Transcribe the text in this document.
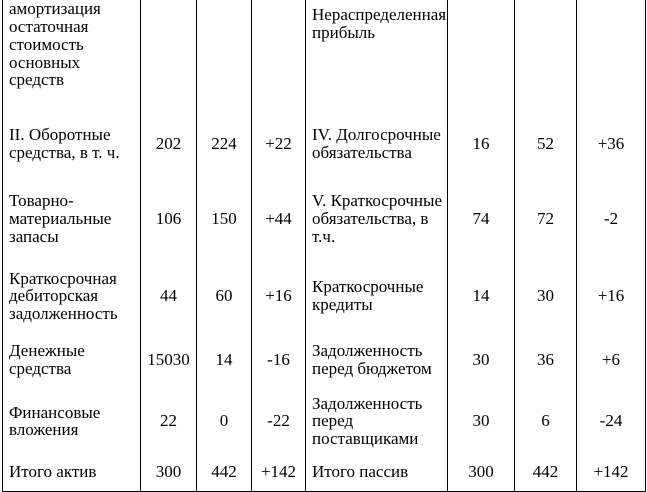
амортизация остаточная стоимость основных средств				Нераспределенная прибыль			
II. Оборотные средства, в т. ч.	202	224	+22	IV. Долгосрочные обязательства	16	52	+36
Товарно-материальные запасы	106	150	+44	V. Краткосрочные обязательства, в т.ч.	74	72	-2
Краткосрочная дебиторская задолженность	44	60	+16	Краткосрочные кредиты	14	30	+16
Денежные средства	15030	14	-16	Задолженность перед бюджетом	30	36	+6
Финансовые вложения	22	0	-22	Задолженность перед поставщиками	30	6	-24
Итого актив	300	442	+142	Итого пассив	300	442	+142
